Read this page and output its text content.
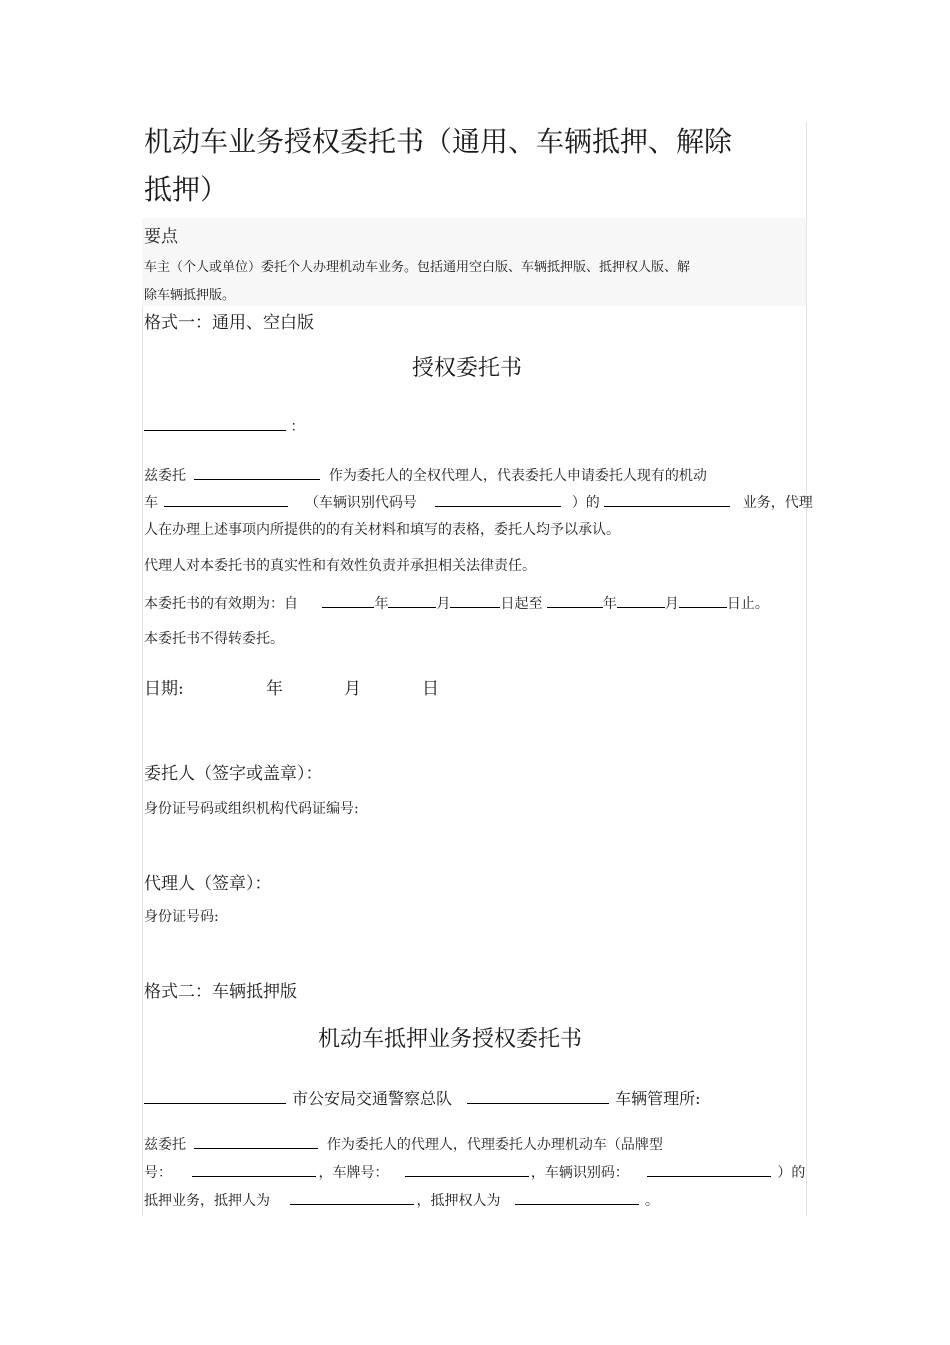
机动车业务授权委托书（通用、车辆抵押、解除
抵押）
要点
车主（个人或单位）委托个人办理机动车业务。包括通用空白版、车辆抵押版、抵押权人版、解
除车辆抵押版。
格式一：通用、空白版
授权委托书
：
兹委托	作为委托人的全权代理人，代表委托人申请委托人现有的机动
车	（车辆识别代码号	）的	业务，代理
人在办理上述事项内所提供的的有关材料和填写的表格，委托人均予以承认。
代理人对本委托书的真实性和有效性负责并承担相关法律责任。
本委托书的有效期为：自	年	月	日起至	年	月	日止。
本委托书不得转委托。
日期:	年	月	日
委托人（签字或盖章）：
身份证号码或组织机构代码证编号:
代理人（签章）：
身份证号码:
格式二：车辆抵押版
机动车抵押业务授权委托书
市公安局交通警察总队	车辆管理所:
兹委托	作为委托人的代理人，代理委托人办理机动车（品牌型
号：	，车牌号：	，车辆识别码：	）的
抵押业务，抵押人为	，抵押权人为	。
